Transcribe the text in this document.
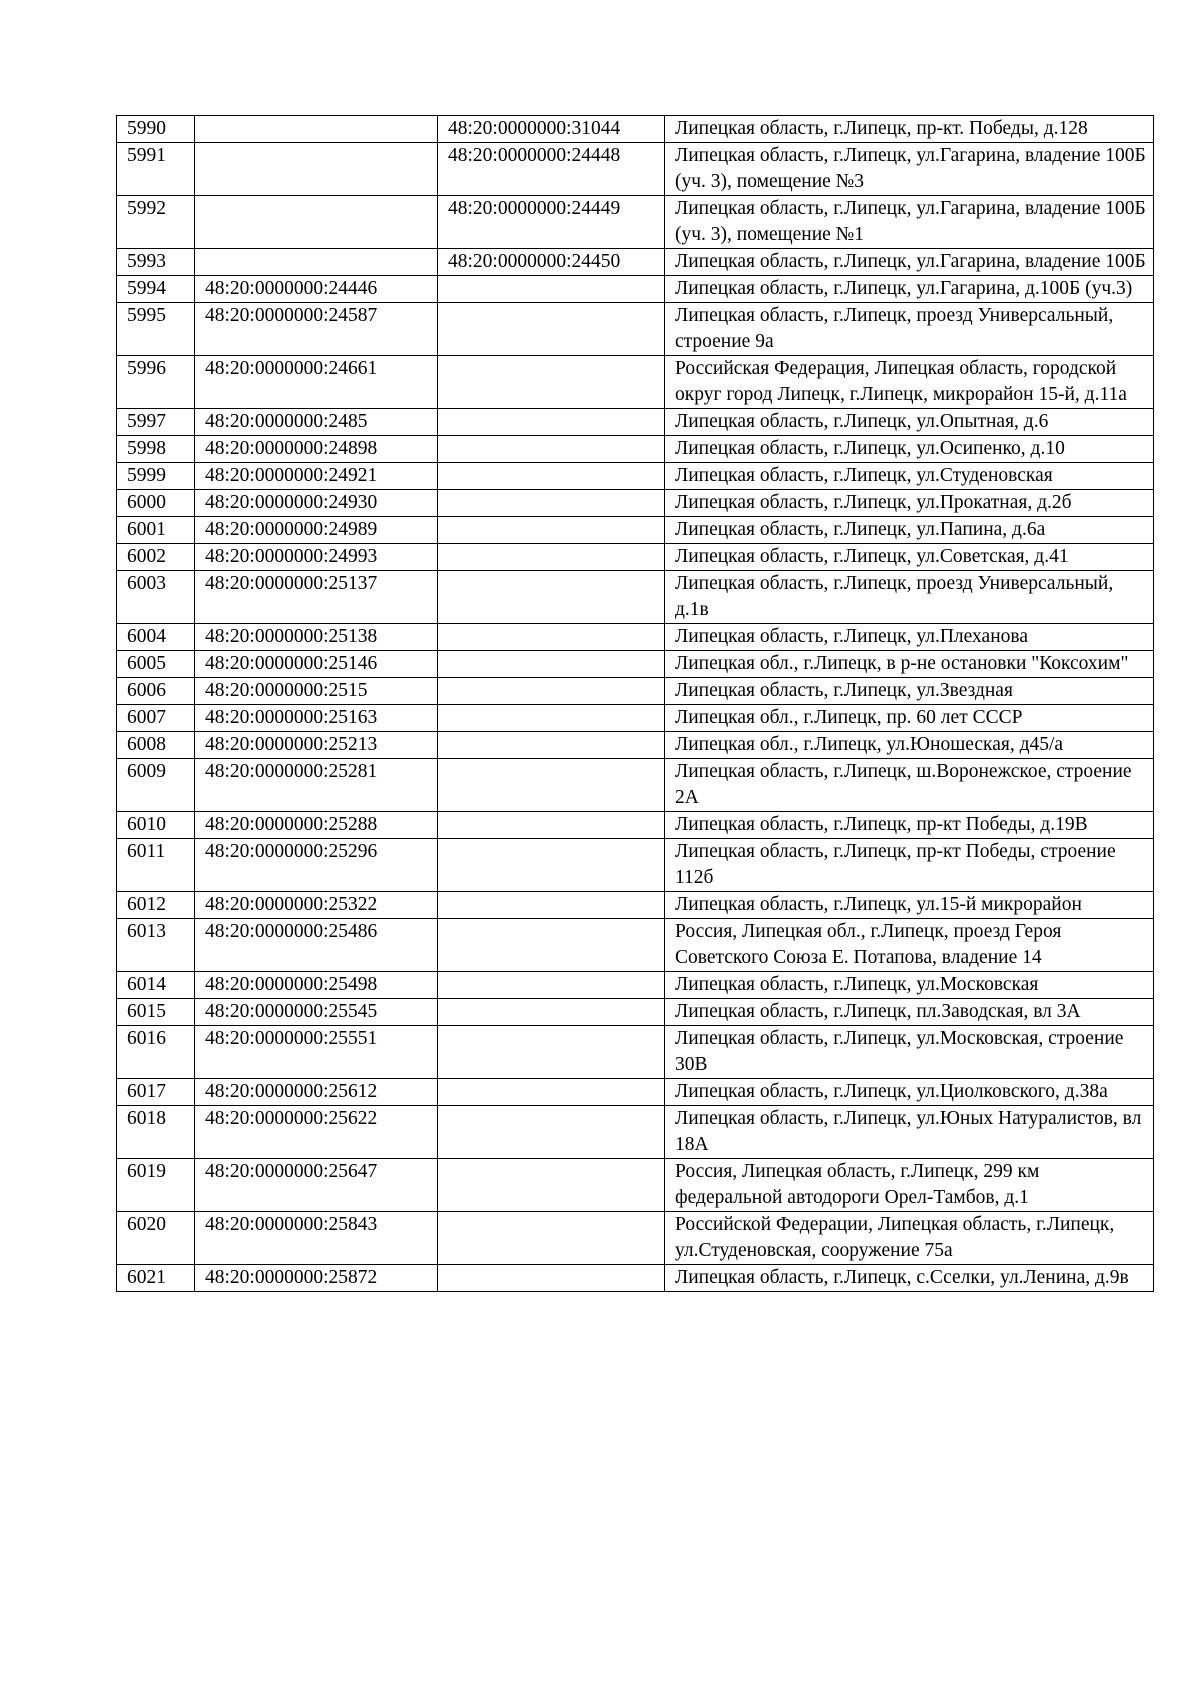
5990		48:20:0000000:31044	Липецкая область, г.Липецк, пр-кт. Победы, д.128
5991		48:20:0000000:24448	Липецкая область, г.Липецк, ул.Гагарина, владение 100Б (уч. 3), помещение №3
5992		48:20:0000000:24449	Липецкая область, г.Липецк, ул.Гагарина, владение 100Б (уч. 3), помещение №1
5993		48:20:0000000:24450	Липецкая область, г.Липецк, ул.Гагарина, владение 100Б
5994	48:20:0000000:24446		Липецкая область, г.Липецк, ул.Гагарина, д.100Б (уч.3)
5995	48:20:0000000:24587		Липецкая область, г.Липецк, проезд Универсальный, строение 9а
5996	48:20:0000000:24661		Российская Федерация, Липецкая область, городской округ город Липецк, г.Липецк, микрорайон 15-й, д.11а
5997	48:20:0000000:2485		Липецкая область, г.Липецк, ул.Опытная, д.6
5998	48:20:0000000:24898		Липецкая область, г.Липецк, ул.Осипенко, д.10
5999	48:20:0000000:24921		Липецкая область, г.Липецк, ул.Студеновская
6000	48:20:0000000:24930		Липецкая область, г.Липецк, ул.Прокатная, д.2б
6001	48:20:0000000:24989		Липецкая область, г.Липецк, ул.Папина, д.6а
6002	48:20:0000000:24993		Липецкая область, г.Липецк, ул.Советская, д.41
6003	48:20:0000000:25137		Липецкая область, г.Липецк, проезд Универсальный, д.1в
6004	48:20:0000000:25138		Липецкая область, г.Липецк, ул.Плеханова
6005	48:20:0000000:25146		Липецкая обл., г.Липецк, в р-не остановки "Коксохим"
6006	48:20:0000000:2515		Липецкая область, г.Липецк, ул.Звездная
6007	48:20:0000000:25163		Липецкая обл., г.Липецк, пр. 60 лет СССР
6008	48:20:0000000:25213		Липецкая обл., г.Липецк, ул.Юношеская, д45/а
6009	48:20:0000000:25281		Липецкая область, г.Липецк, ш.Воронежское, строение 2А
6010	48:20:0000000:25288		Липецкая область, г.Липецк, пр-кт Победы, д.19В
6011	48:20:0000000:25296		Липецкая область, г.Липецк, пр-кт Победы, строение 112б
6012	48:20:0000000:25322		Липецкая область, г.Липецк, ул.15-й микрорайон
6013	48:20:0000000:25486		Россия, Липецкая обл., г.Липецк, проезд Героя Советского Союза Е. Потапова, владение 14
6014	48:20:0000000:25498		Липецкая область, г.Липецк, ул.Московская
6015	48:20:0000000:25545		Липецкая область, г.Липецк, пл.Заводская, вл 3А
6016	48:20:0000000:25551		Липецкая область, г.Липецк, ул.Московская, строение 30В
6017	48:20:0000000:25612		Липецкая область, г.Липецк, ул.Циолковского, д.38а
6018	48:20:0000000:25622		Липецкая область, г.Липецк, ул.Юных Натуралистов, вл 18А
6019	48:20:0000000:25647		Россия, Липецкая область, г.Липецк, 299 км федеральной автодороги Орел-Тамбов, д.1
6020	48:20:0000000:25843		Российской Федерации, Липецкая область, г.Липецк, ул.Студеновская, сооружение 75а
6021	48:20:0000000:25872		Липецкая область, г.Липецк, с.Сселки, ул.Ленина, д.9в
